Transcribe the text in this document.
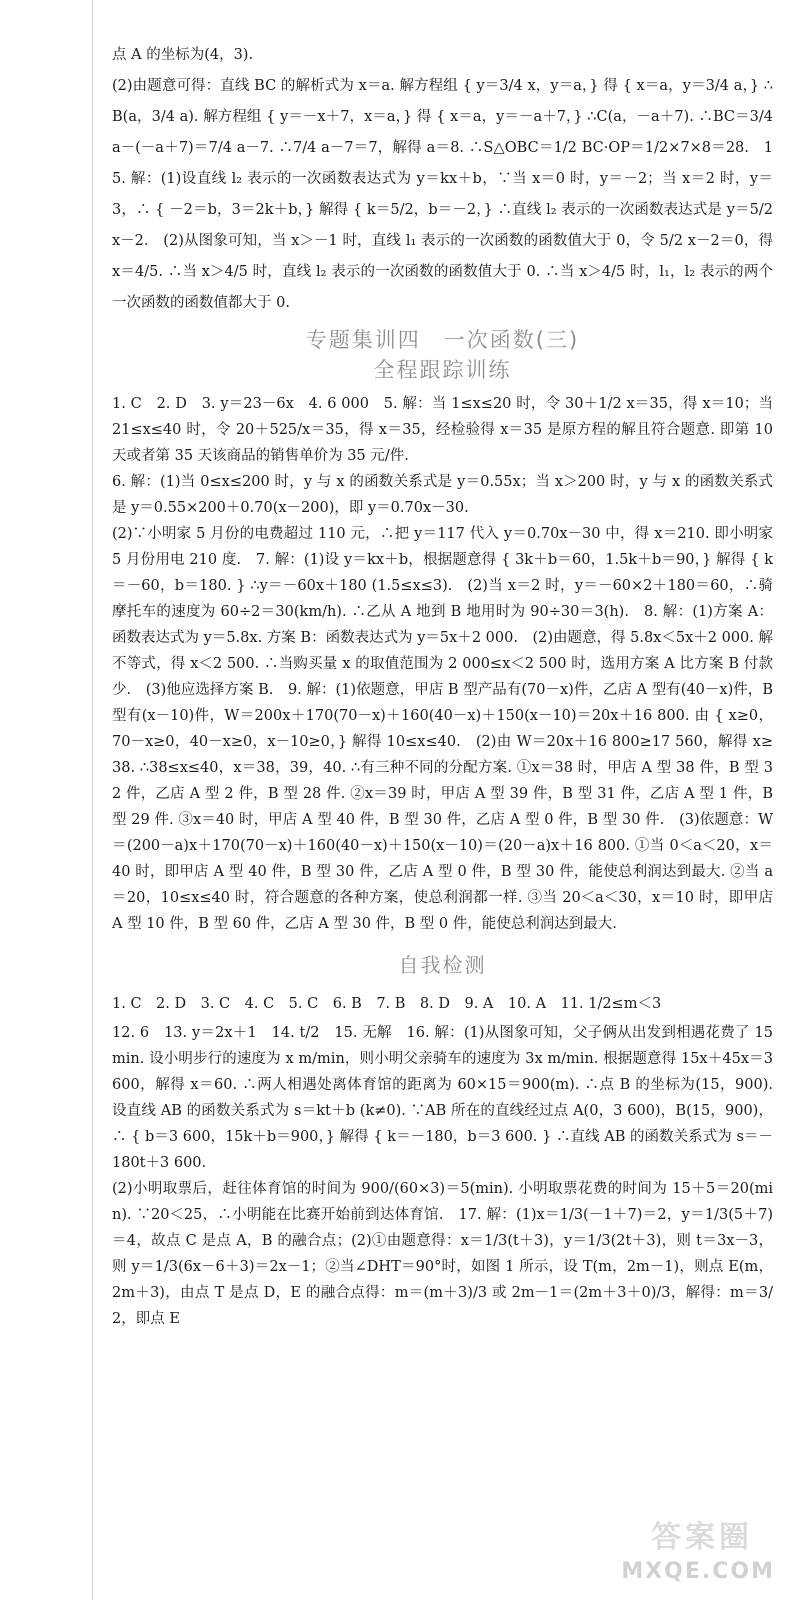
点 A 的坐标为(4，3).

(2)由题意可得：直线 BC 的解析式为 x＝a. 解方程组 { y＝3/4 x，y＝a，} 得 { x＝a，y＝3/4 a，} ∴B(a，3/4 a). 解方程组 { y＝－x＋7，x＝a，} 得 { x＝a，y＝－a＋7，} ∴C(a，－a＋7). ∴BC＝3/4 a－(－a＋7)＝7/4 a－7. ∴7/4 a－7＝7，解得 a＝8. ∴S△OBC＝1/2 BC·OP＝1/2×7×8＝28.　15. 解：(1)设直线 l₂ 表示的一次函数表达式为 y＝kx＋b，∵当 x＝0 时，y＝－2；当 x＝2 时，y＝3，∴ { －2＝b，3＝2k＋b，} 解得 { k＝5/2，b＝－2，} ∴直线 l₂ 表示的一次函数表达式是 y＝5/2 x－2.　(2)从图象可知，当 x＞－1 时，直线 l₁ 表示的一次函数的函数值大于 0，令 5/2 x－2＝0，得 x＝4/5. ∴当 x＞4/5 时，直线 l₂ 表示的一次函数的函数值大于 0. ∴当 x＞4/5 时，l₁，l₂ 表示的两个一次函数的函数值都大于 0.

专题集训四　一次函数(三)

全程跟踪训练

1. C　2. D　3. y＝23－6x　4. 6 000　5. 解：当 1≤x≤20 时，令 30＋1/2 x＝35，得 x＝10；当 21≤x≤40 时，令 20＋525/x＝35，得 x＝35，经检验得 x＝35 是原方程的解且符合题意. 即第 10 天或者第 35 天该商品的销售单价为 35 元/件.

6. 解：(1)当 0≤x≤200 时，y 与 x 的函数关系式是 y＝0.55x；当 x＞200 时，y 与 x 的函数关系式是 y＝0.55×200＋0.70(x－200)，即 y＝0.70x－30.

(2)∵小明家 5 月份的电费超过 110 元，∴把 y＝117 代入 y＝0.70x－30 中，得 x＝210. 即小明家 5 月份用电 210 度.　7. 解：(1)设 y＝kx＋b，根据题意得 { 3k＋b＝60，1.5k＋b＝90，} 解得 { k＝－60，b＝180. } ∴y＝－60x＋180 (1.5≤x≤3).　(2)当 x＝2 时，y＝－60×2＋180＝60，∴骑摩托车的速度为 60÷2＝30(km/h). ∴乙从 A 地到 B 地用时为 90÷30＝3(h).　8. 解：(1)方案 A：函数表达式为 y＝5.8x. 方案 B：函数表达式为 y＝5x＋2 000.　(2)由题意，得 5.8x＜5x＋2 000. 解不等式，得 x＜2 500. ∴当购买量 x 的取值范围为 2 000≤x＜2 500 时，选用方案 A 比方案 B 付款少.　(3)他应选择方案 B.　9. 解：(1)依题意，甲店 B 型产品有(70－x)件，乙店 A 型有(40－x)件，B 型有(x－10)件，W＝200x＋170(70－x)＋160(40－x)＋150(x－10)＝20x＋16 800. 由 { x≥0，70－x≥0，40－x≥0，x－10≥0，} 解得 10≤x≤40.　(2)由 W＝20x＋16 800≥17 560，解得 x≥38. ∴38≤x≤40，x＝38，39，40. ∴有三种不同的分配方案. ①x＝38 时，甲店 A 型 38 件，B 型 32 件，乙店 A 型 2 件，B 型 28 件. ②x＝39 时，甲店 A 型 39 件，B 型 31 件，乙店 A 型 1 件，B 型 29 件. ③x＝40 时，甲店 A 型 40 件，B 型 30 件，乙店 A 型 0 件，B 型 30 件.　(3)依题意：W＝(200－a)x＋170(70－x)＋160(40－x)＋150(x－10)＝(20－a)x＋16 800. ①当 0＜a＜20，x＝40 时，即甲店 A 型 40 件，B 型 30 件，乙店 A 型 0 件，B 型 30 件，能使总利润达到最大. ②当 a＝20，10≤x≤40 时，符合题意的各种方案，使总利润都一样. ③当 20＜a＜30，x＝10 时，即甲店 A 型 10 件，B 型 60 件，乙店 A 型 30 件，B 型 0 件，能使总利润达到最大.

自我检测

1. C　2. D　3. C　4. C　5. C　6. B　7. B　8. D　9. A　10. A　11. 1/2≤m＜3

12. 6　13. y＝2x＋1　14. t/2　15. 无解　16. 解：(1)从图象可知，父子俩从出发到相遇花费了 15 min. 设小明步行的速度为 x m/min，则小明父亲骑车的速度为 3x m/min. 根据题意得 15x＋45x＝3 600，解得 x＝60. ∴两人相遇处离体育馆的距离为 60×15＝900(m). ∴点 B 的坐标为(15，900). 设直线 AB 的函数关系式为 s＝kt＋b (k≠0). ∵AB 所在的直线经过点 A(0，3 600)，B(15，900)，∴ { b＝3 600，15k＋b＝900，} 解得 { k＝－180，b＝3 600. } ∴直线 AB 的函数关系式为 s＝－180t＋3 600.

(2)小明取票后，赶往体育馆的时间为 900/(60×3)＝5(min). 小明取票花费的时间为 15＋5＝20(min). ∵20＜25，∴小明能在比赛开始前到达体育馆.　17. 解：(1)x＝1/3(－1＋7)＝2，y＝1/3(5＋7)＝4，故点 C 是点 A，B 的融合点；(2)①由题意得：x＝1/3(t＋3)，y＝1/3(2t＋3)，则 t＝3x－3，则 y＝1/3(6x－6＋3)＝2x－1；②当∠DHT＝90°时，如图 1 所示，设 T(m，2m－1)，则点 E(m，2m＋3)，由点 T 是点 D，E 的融合点得：m＝(m＋3)/3 或 2m－1＝(2m＋3＋0)/3，解得：m＝3/2，即点 E

答案圈
MXQE.COM
